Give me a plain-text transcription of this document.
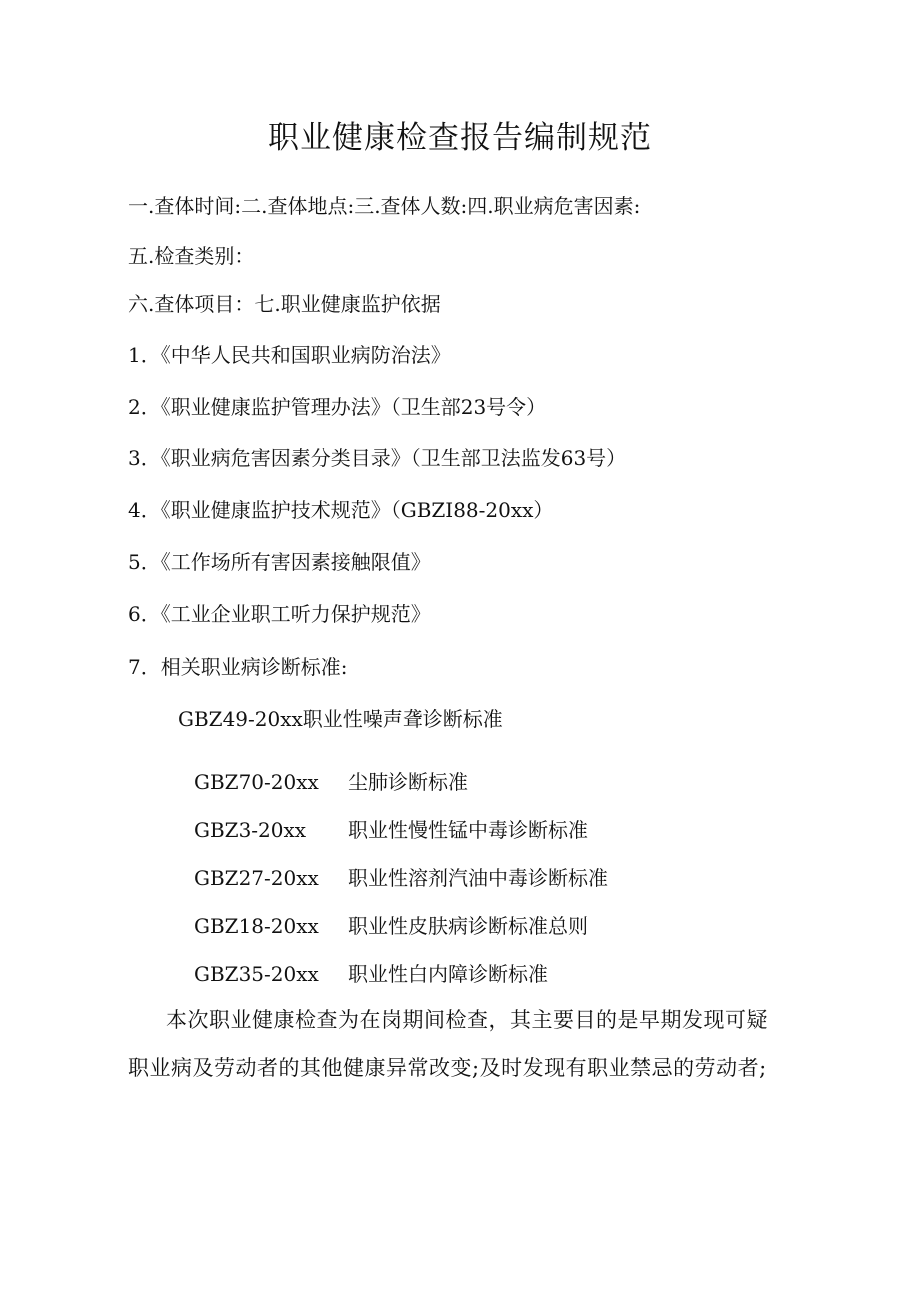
职业健康检查报告编制规范
一.查体时间:二.查体地点:三.查体人数:四.职业病危害因素:
五.检查类别：
六.查体项目：七.职业健康监护依据
1．《中华人民共和国职业病防治法》
2．《职业健康监护管理办法》（卫生部23号令）
3．《职业病危害因素分类目录》（卫生部卫法监发63号）
4．《职业健康监护技术规范》（GBZI88-20xx）
5．《工作场所有害因素接触限值》
6．《工业企业职工听力保护规范》
7．相关职业病诊断标准:
GBZ49-20xx职业性噪声聋诊断标准
GBZ70-20xx 尘肺诊断标准
GBZ3-20xx 职业性慢性锰中毒诊断标准
GBZ27-20xx 职业性溶剂汽油中毒诊断标准
GBZ18-20xx 职业性皮肤病诊断标准总则
GBZ35-20xx 职业性白内障诊断标准
本次职业健康检查为在岗期间检查，其主要目的是早期发现可疑
职业病及劳动者的其他健康异常改变;及时发现有职业禁忌的劳动者;
